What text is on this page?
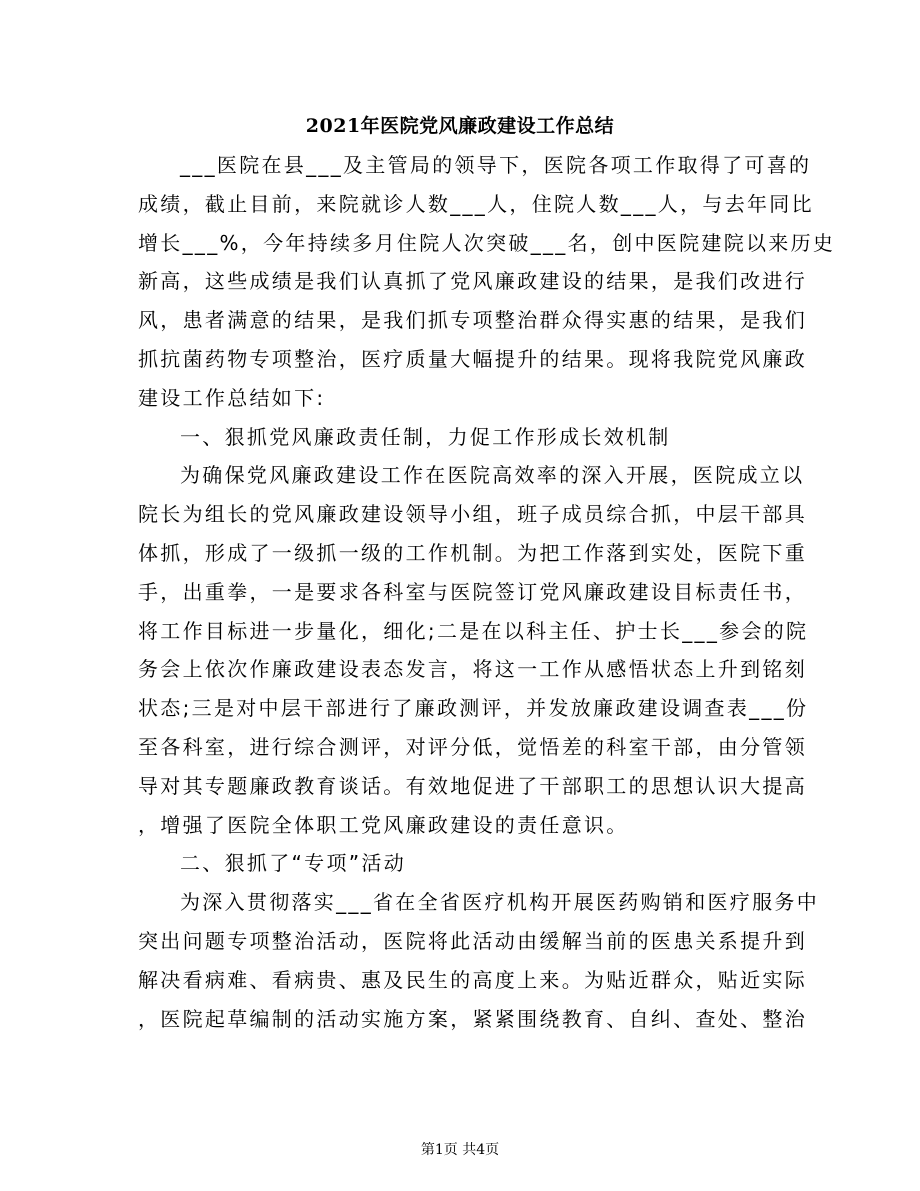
2021年医院党风廉政建设工作总结
___医院在县___及主管局的领导下，医院各项工作取得了可喜的
成绩，截止目前，来院就诊人数___人，住院人数___人，与去年同比
增长___%，今年持续多月住院人次突破___名，创中医院建院以来历史
新高，这些成绩是我们认真抓了党风廉政建设的结果，是我们改进行
风，患者满意的结果，是我们抓专项整治群众得实惠的结果，是我们
抓抗菌药物专项整治，医疗质量大幅提升的结果。现将我院党风廉政
建设工作总结如下:
一、狠抓党风廉政责任制，力促工作形成长效机制
为确保党风廉政建设工作在医院高效率的深入开展，医院成立以
院长为组长的党风廉政建设领导小组，班子成员综合抓，中层干部具
体抓，形成了一级抓一级的工作机制。为把工作落到实处，医院下重
手，出重拳，一是要求各科室与医院签订党风廉政建设目标责任书，
将工作目标进一步量化，细化;二是在以科主任、护士长___参会的院
务会上依次作廉政建设表态发言，将这一工作从感悟状态上升到铭刻
状态;三是对中层干部进行了廉政测评，并发放廉政建设调查表___份
至各科室，进行综合测评，对评分低，觉悟差的科室干部，由分管领
导对其专题廉政教育谈话。有效地促进了干部职工的思想认识大提高
，增强了医院全体职工党风廉政建设的责任意识。
二、狠抓了“专项”活动
为深入贯彻落实___省在全省医疗机构开展医药购销和医疗服务中
突出问题专项整治活动，医院将此活动由缓解当前的医患关系提升到
解决看病难、看病贵、惠及民生的高度上来。为贴近群众，贴近实际
，医院起草编制的活动实施方案，紧紧围绕教育、自纠、查处、整治
第1页 共4页
